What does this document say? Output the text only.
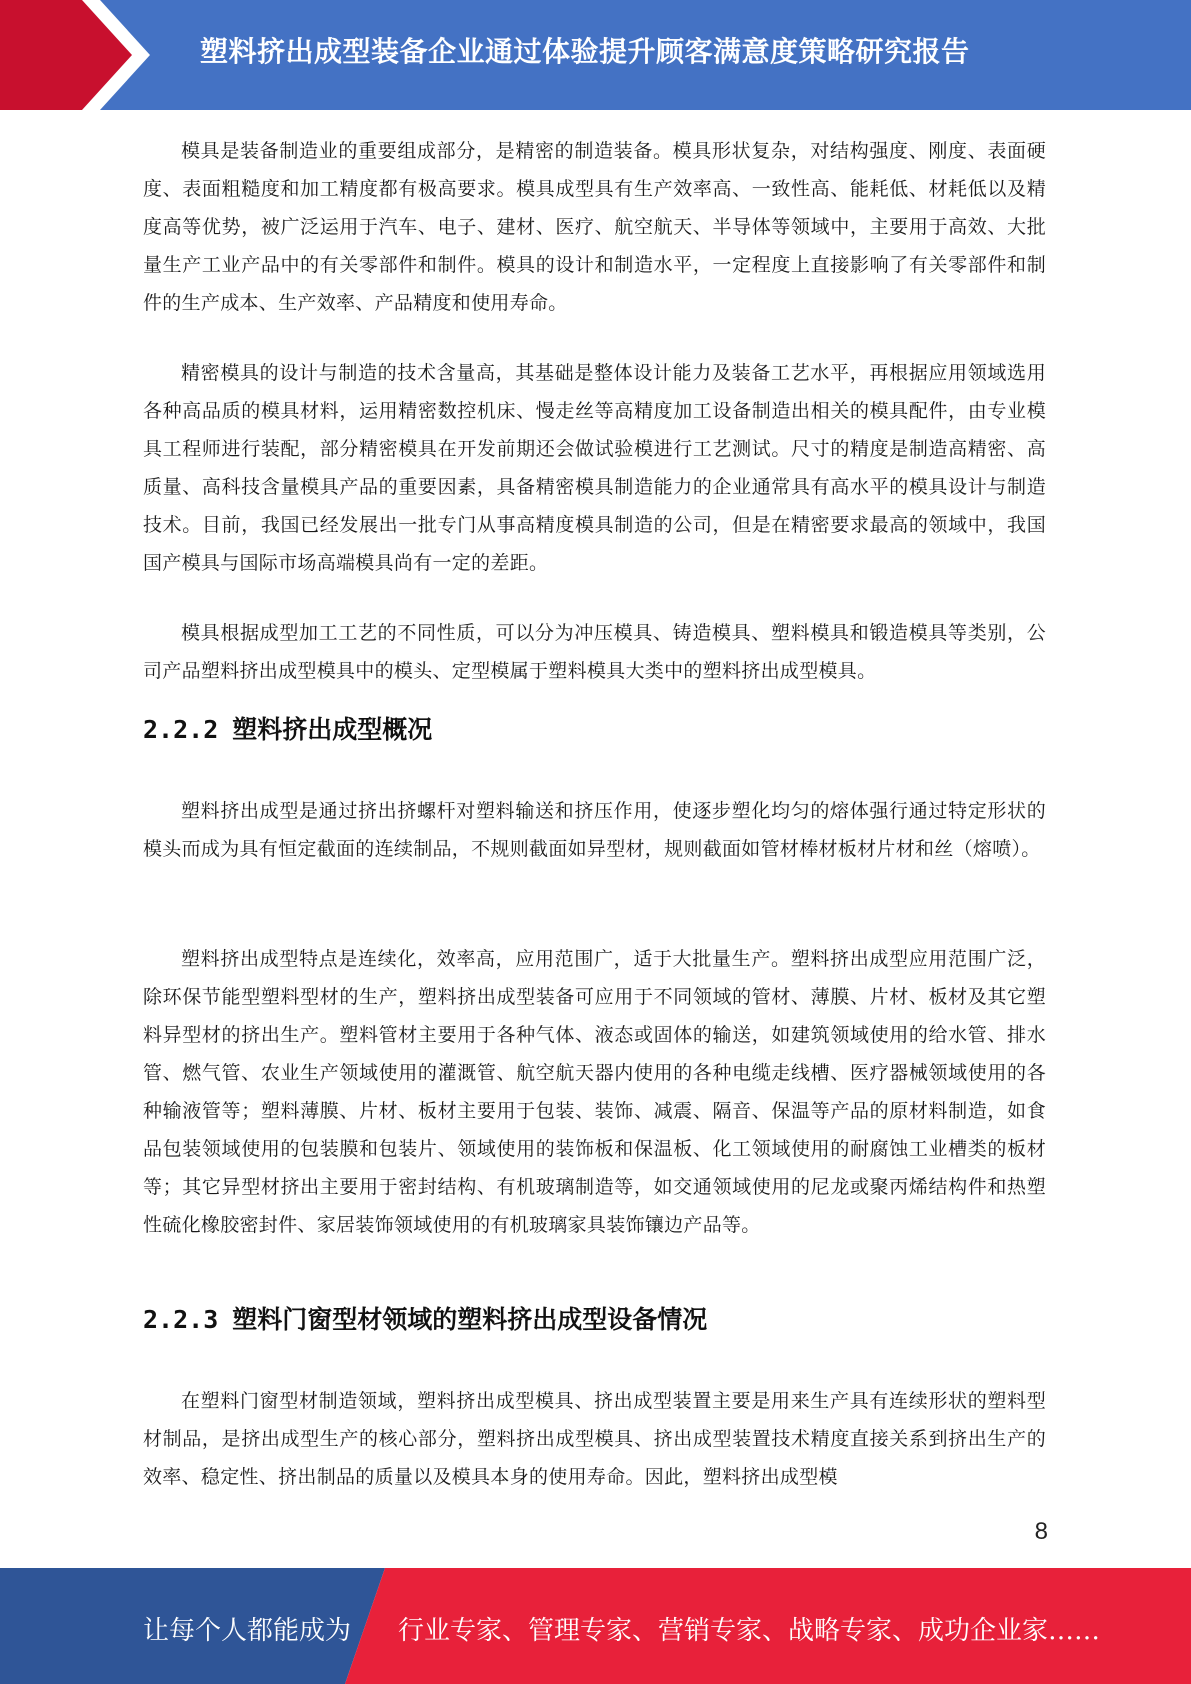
塑料挤出成型装备企业通过体验提升顾客满意度策略研究报告

模具是装备制造业的重要组成部分，是精密的制造装备。模具形状复杂，对结构强度、刚度、表面硬度、表面粗糙度和加工精度都有极高要求。模具成型具有生产效率高、一致性高、能耗低、材耗低以及精度高等优势，被广泛运用于汽车、电子、建材、医疗、航空航天、半导体等领域中，主要用于高效、大批量生产工业产品中的有关零部件和制件。模具的设计和制造水平，一定程度上直接影响了有关零部件和制件的生产成本、生产效率、产品精度和使用寿命。

精密模具的设计与制造的技术含量高，其基础是整体设计能力及装备工艺水平，再根据应用领域选用各种高品质的模具材料，运用精密数控机床、慢走丝等高精度加工设备制造出相关的模具配件，由专业模具工程师进行装配，部分精密模具在开发前期还会做试验模进行工艺测试。尺寸的精度是制造高精密、高质量、高科技含量模具产品的重要因素，具备精密模具制造能力的企业通常具有高水平的模具设计与制造技术。目前，我国已经发展出一批专门从事高精度模具制造的公司，但是在精密要求最高的领域中，我国国产模具与国际市场高端模具尚有一定的差距。

模具根据成型加工工艺的不同性质，可以分为冲压模具、铸造模具、塑料模具和锻造模具等类别，公司产品塑料挤出成型模具中的模头、定型模属于塑料模具大类中的塑料挤出成型模具。

2.2.2 塑料挤出成型概况

塑料挤出成型是通过挤出挤螺杆对塑料输送和挤压作用，使逐步塑化均匀的熔体强行通过特定形状的模头而成为具有恒定截面的连续制品，不规则截面如异型材，规则截面如管材棒材板材片材和丝（熔喷）。

塑料挤出成型特点是连续化，效率高，应用范围广，适于大批量生产。塑料挤出成型应用范围广泛，除环保节能型塑料型材的生产，塑料挤出成型装备可应用于不同领域的管材、薄膜、片材、板材及其它塑料异型材的挤出生产。塑料管材主要用于各种气体、液态或固体的输送，如建筑领域使用的给水管、排水管、燃气管、农业生产领域使用的灌溉管、航空航天器内使用的各种电缆走线槽、医疗器械领域使用的各种输液管等；塑料薄膜、片材、板材主要用于包装、装饰、减震、隔音、保温等产品的原材料制造，如食品包装领域使用的包装膜和包装片、领域使用的装饰板和保温板、化工领域使用的耐腐蚀工业槽类的板材等；其它异型材挤出主要用于密封结构、有机玻璃制造等，如交通领域使用的尼龙或聚丙烯结构件和热塑性硫化橡胶密封件、家居装饰领域使用的有机玻璃家具装饰镶边产品等。

2.2.3 塑料门窗型材领域的塑料挤出成型设备情况

在塑料门窗型材制造领域，塑料挤出成型模具、挤出成型装置主要是用来生产具有连续形状的塑料型材制品，是挤出成型生产的核心部分，塑料挤出成型模具、挤出成型装置技术精度直接关系到挤出生产的效率、稳定性、挤出制品的质量以及模具本身的使用寿命。因此，塑料挤出成型模

8
让每个人都能成为 行业专家、管理专家、营销专家、战略专家、成功企业家……
